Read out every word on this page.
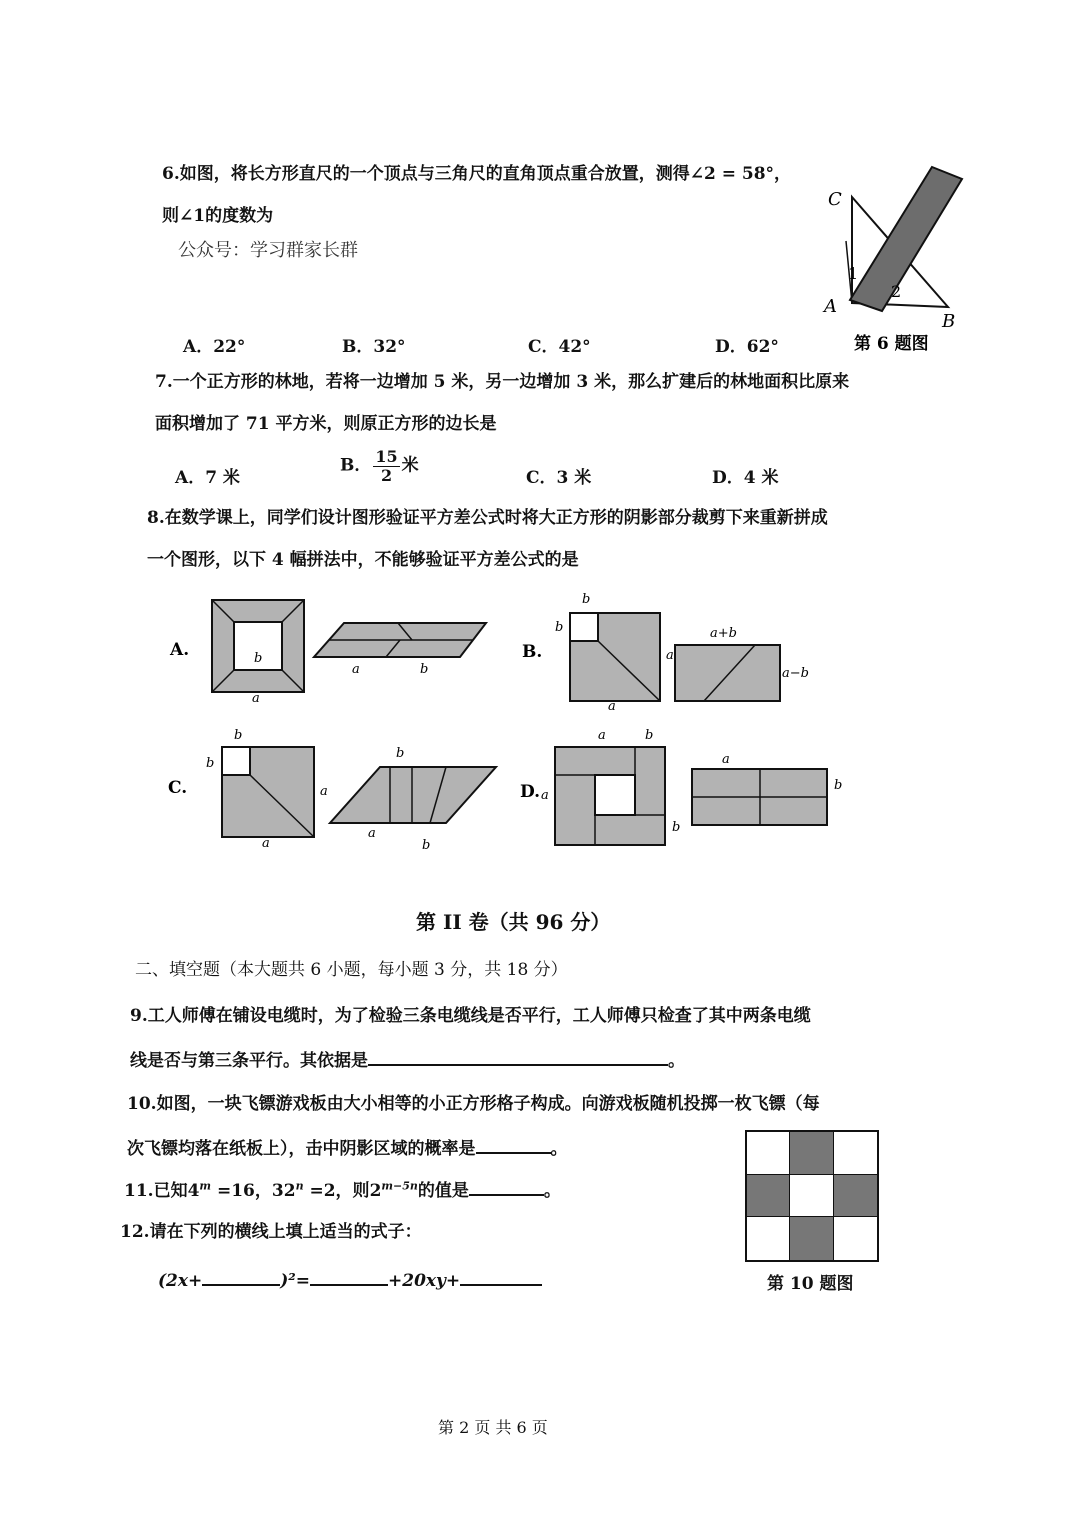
6.如图，将长方形直尺的一个顶点与三角尺的直角顶点重合放置，测得∠2 = 58°，
则∠1的度数为
公众号：学习群家长群
C
A
B
1
2
第 6 题图
A．22°	B．32°	C．42°	D．62°
7.一个正方形的林地，若将一边增加 5 米，另一边增加 3 米，那么扩建后的林地面积比原来
面积增加了 71 平方米，则原正方形的边长是
A．7 米
B． $\frac{15}{2}$ 米
C．3 米	D．4 米
8.在数学课上，同学们设计图形验证平方差公式时将大正方形的阴影部分裁剪下来重新拼成
一个图形，以下 4 幅拼法中，不能够验证平方差公式的是
A.	b
a
a	b
B.
b
b
a
a
a+b
a−b
C.
b
b
a
a
b
a
b
D.
a	b
a
b
a
b
第 II 卷（共 96 分）
二、填空题（本大题共 6 小题，每小题 3 分，共 18 分）
9.工人师傅在铺设电缆时，为了检验三条电缆线是否平行，工人师傅只检查了其中两条电缆
线是否与第三条平行。其依据是	。
10.如图，一块飞镖游戏板由大小相等的小正方形格子构成。向游戏板随机投掷一枚飞镖（每
次飞镖均落在纸板上），击中阴影区域的概率是	。
第 10 题图
11.已知$4^m =16$，$32^n =2$，则$2^{m-5n}$的值是	。
12.请在下列的横线上填上适当的式子：
(2x+	)²=	+20xy+
第 2 页 共 6 页
